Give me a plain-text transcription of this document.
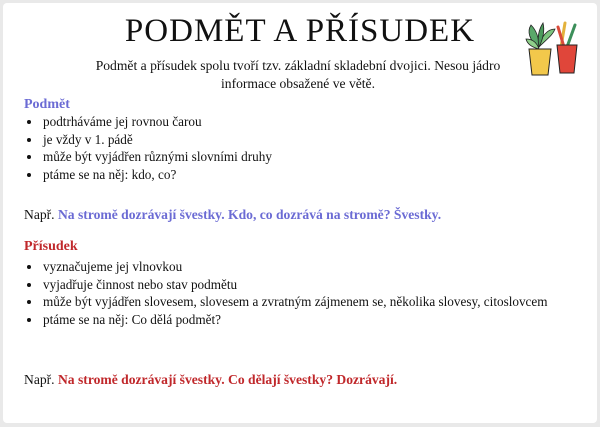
PODMĚT A PŘÍSUDEK
Podmět a přísudek spolu tvoří tzv. základní skladební dvojici. Nesou jádro informace obsažené ve větě.
Podmět
• podtrháváme jej rovnou čarou
• je vždy v 1. pádě
• může být vyjádřen různými slovními druhy
• ptáme se na něj: kdo, co?
Např. Na stromě dozrávají švestky. Kdo, co dozrává na stromě? Švestky.
Přísudek
• vyznačujeme jej vlnovkou
• vyjadřuje činnost nebo stav podmětu
• může být vyjádřen slovesem, slovesem a zvratným zájmenem se, několika slovesy, citoslovcem
• ptáme se na něj: Co dělá podmět?
Např. Na stromě dozrávají švestky. Co dělají švestky? Dozrávají.
